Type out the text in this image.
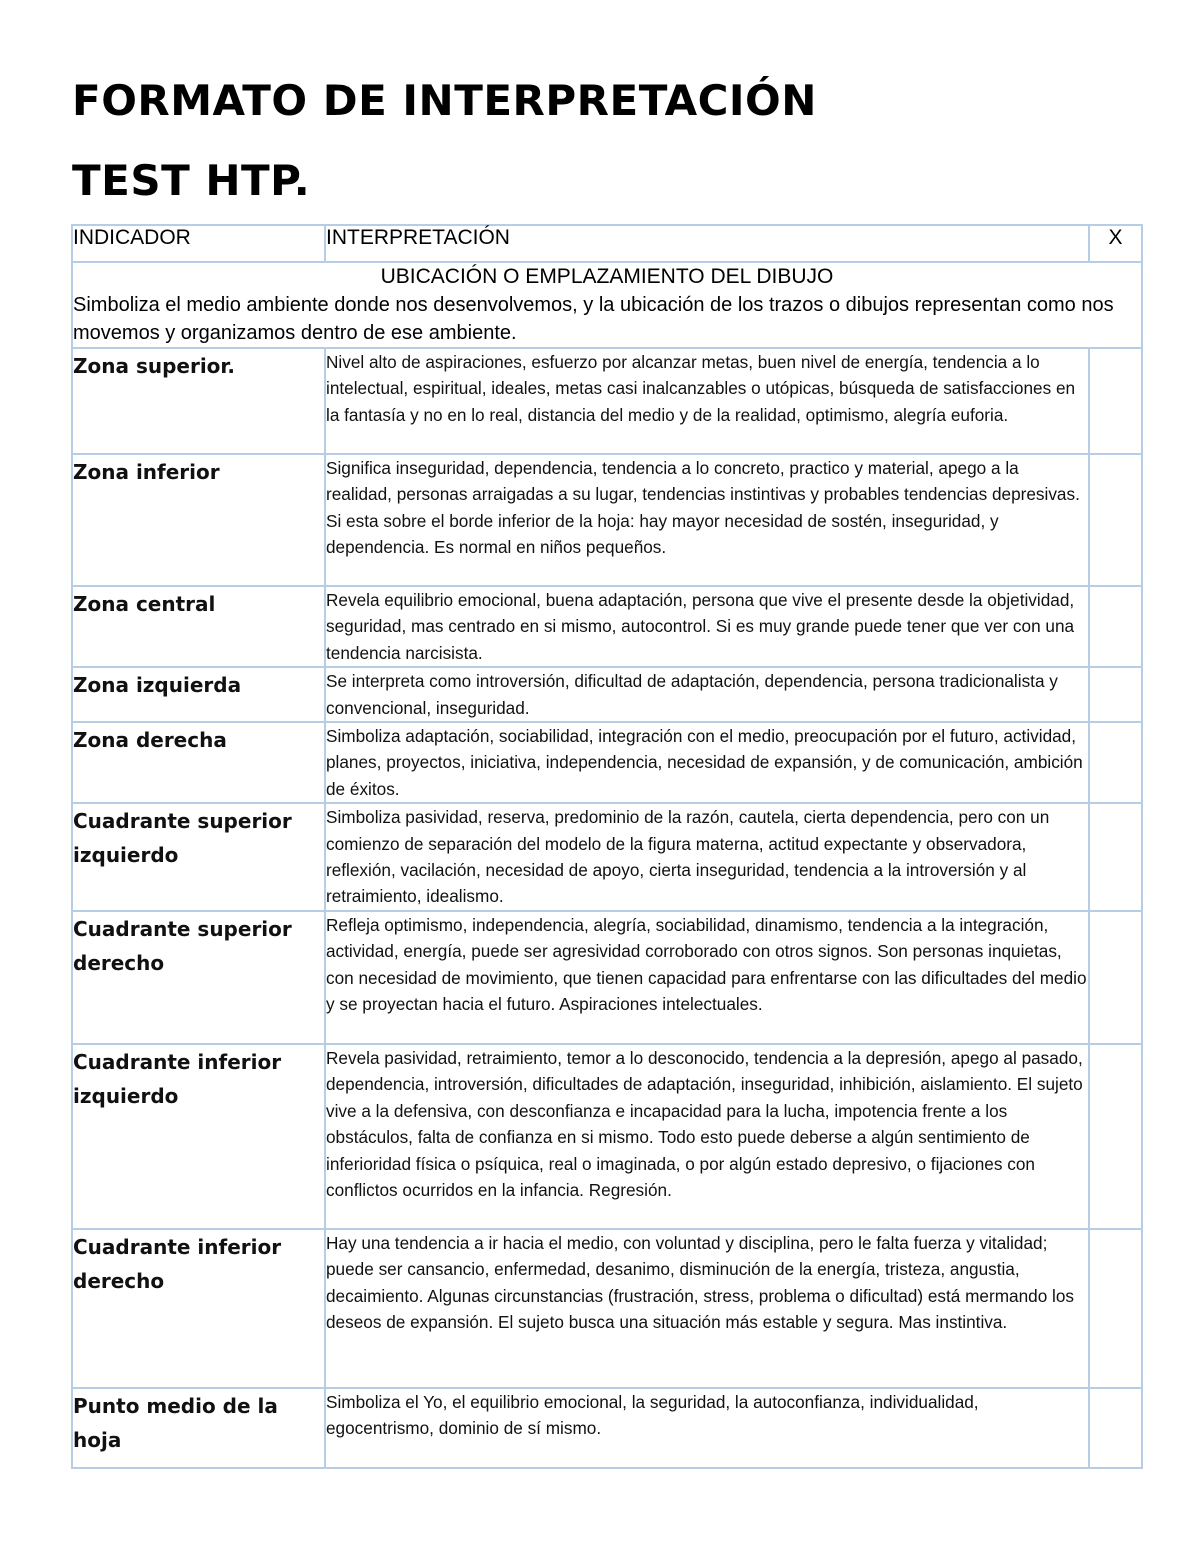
FORMATO DE INTERPRETACIÓN
TEST HTP.
INDICADOR	INTERPRETACIÓN	X

UBICACIÓN O EMPLAZAMIENTO DEL DIBUJO
Simboliza el medio ambiente donde nos desenvolvemos, y la ubicación de los trazos o dibujos representan como nos movemos y organizamos dentro de ese ambiente.		

Zona superior.	Nivel alto de aspiraciones, esfuerzo por alcanzar metas, buen nivel de energía, tendencia a lo intelectual, espiritual, ideales, metas casi inalcanzables o utópicas, búsqueda de satisfacciones en la fantasía y no en lo real, distancia del medio y de la realidad, optimismo, alegría euforia.	
Zona inferior	Significa inseguridad, dependencia, tendencia a lo concreto, practico y material, apego a la realidad, personas arraigadas a su lugar, tendencias instintivas y probables tendencias depresivas.
Si esta sobre el borde inferior de la hoja: hay mayor necesidad de sostén, inseguridad, y dependencia. Es normal en niños pequeños.	

Zona central	Revela equilibrio emocional, buena adaptación, persona que vive el presente desde la objetividad, seguridad, mas centrado en si mismo, autocontrol. Si es muy grande puede tener que ver con una tendencia narcisista.	
Zona izquierda	Se interpreta como introversión, dificultad de adaptación, dependencia, persona tradicionalista y convencional, inseguridad.	
Zona derecha	Simboliza adaptación, sociabilidad, integración con el medio, preocupación por el futuro, actividad, planes, proyectos, iniciativa, independencia, necesidad de expansión, y de comunicación, ambición de éxitos.	
Cuadrante superior izquierdo	Simboliza pasividad, reserva, predominio de la razón, cautela, cierta dependencia, pero con un comienzo de separación del modelo de la figura materna, actitud expectante y observadora, reflexión, vacilación, necesidad de apoyo, cierta inseguridad, tendencia a la introversión y al retraimiento, idealismo.	
Cuadrante superior derecho	Refleja optimismo, independencia, alegría, sociabilidad, dinamismo, tendencia a la integración, actividad, energía, puede ser agresividad corroborado con otros signos. Son personas inquietas, con necesidad de movimiento, que tienen capacidad para enfrentarse con las dificultades del medio y se proyectan hacia el futuro. Aspiraciones intelectuales.	
Cuadrante inferior izquierdo	Revela pasividad, retraimiento, temor a lo desconocido, tendencia a la depresión, apego al pasado, dependencia, introversión, dificultades de adaptación, inseguridad, inhibición, aislamiento. El sujeto vive a la defensiva, con desconfianza e incapacidad para la lucha, impotencia frente a los obstáculos, falta de confianza en si mismo. Todo esto puede deberse a algún sentimiento de inferioridad física o psíquica, real o imaginada, o por algún estado depresivo, o fijaciones con conflictos ocurridos en la infancia. Regresión.	
Cuadrante inferior derecho	Hay una tendencia a ir hacia el medio, con voluntad y disciplina, pero le falta fuerza y vitalidad; puede ser cansancio, enfermedad, desanimo, disminución de la energía, tristeza, angustia, decaimiento. Algunas circunstancias (frustración, stress, problema o dificultad) está mermando los deseos de expansión. El sujeto busca una situación más estable y segura. Mas instintiva.	
Punto medio de la hoja	Simboliza el Yo, el equilibrio emocional, la seguridad, la autoconfianza, individualidad, egocentrismo, dominio de sí mismo.	
